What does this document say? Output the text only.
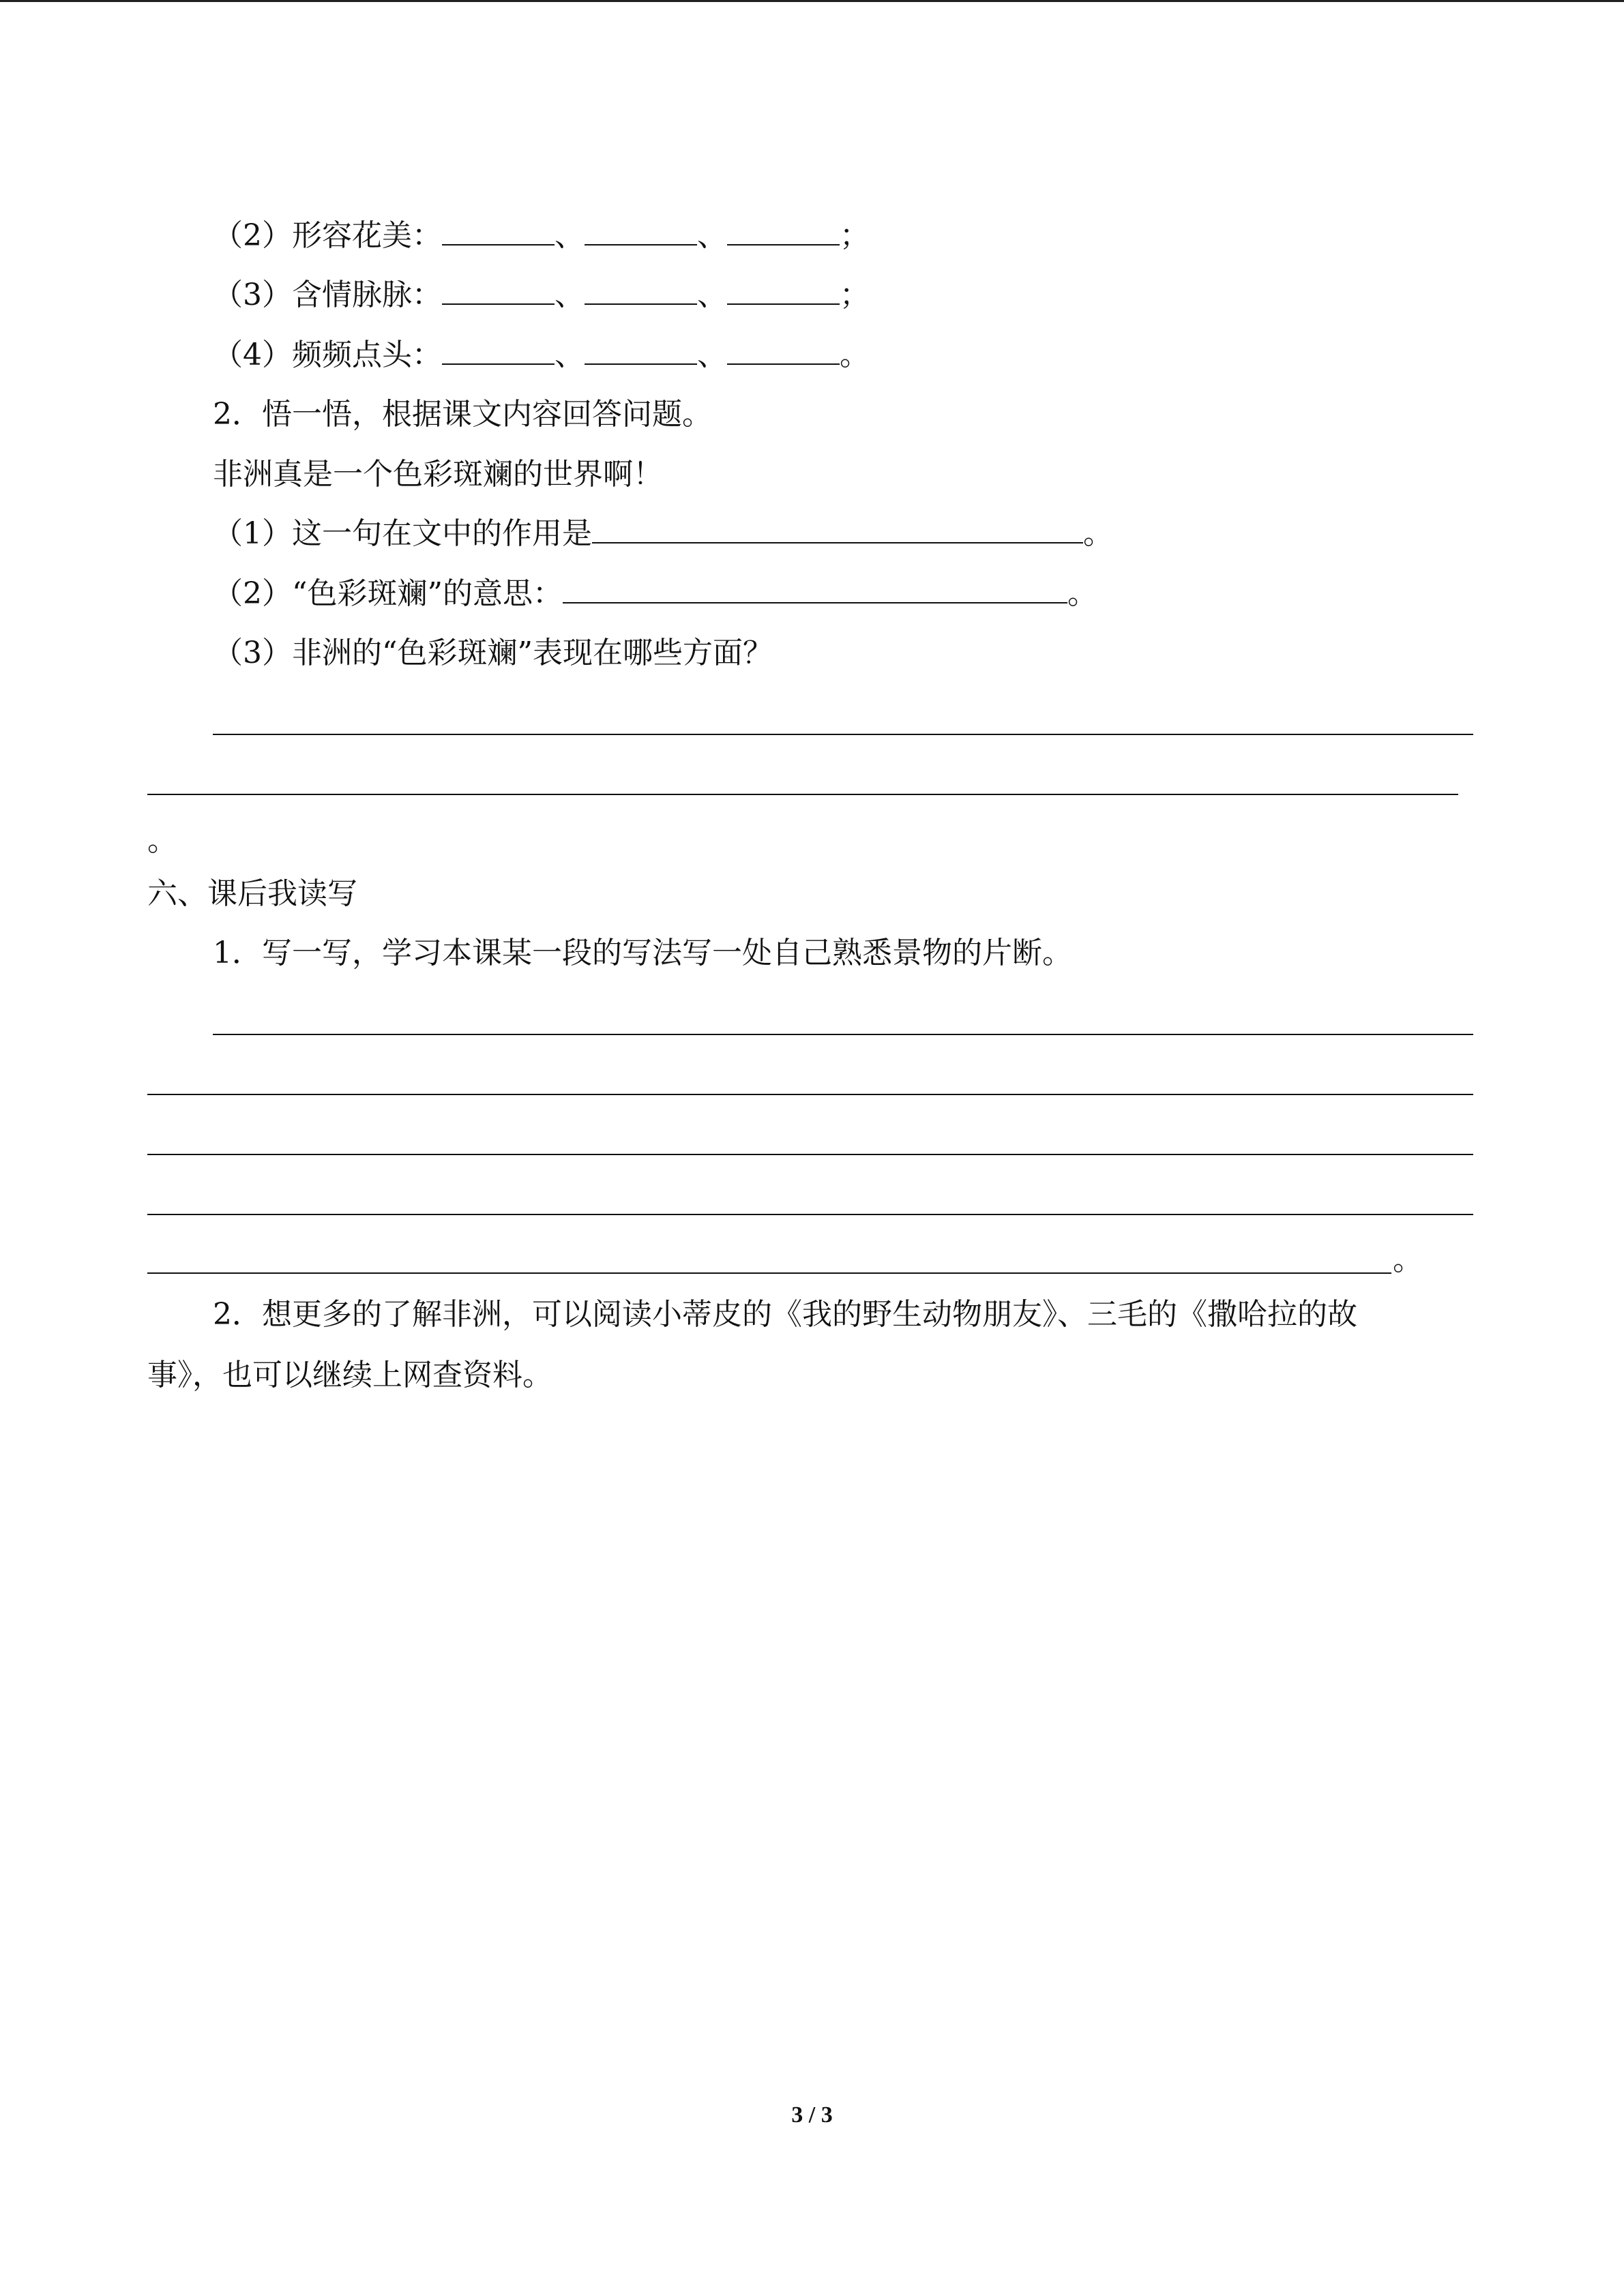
（2）形容花美：	、	、	；
（3）含情脉脉：	、	、	；
（4）频频点头：	、	、	。
2．悟一悟，根据课文内容回答问题。
非洲真是一个色彩斑斓的世界啊！
（1）这一句在文中的作用是	。
（2）“色彩斑斓”的意思：	。
（3）非洲的“色彩斑斓”表现在哪些方面？
。
六、课后我读写
1．写一写，学习本课某一段的写法写一处自己熟悉景物的片断。
。
2．想更多的了解非洲，可以阅读小蒂皮的《我的野生动物朋友》、三毛的《撒哈拉的故
事》，也可以继续上网查资料。
3 / 3
